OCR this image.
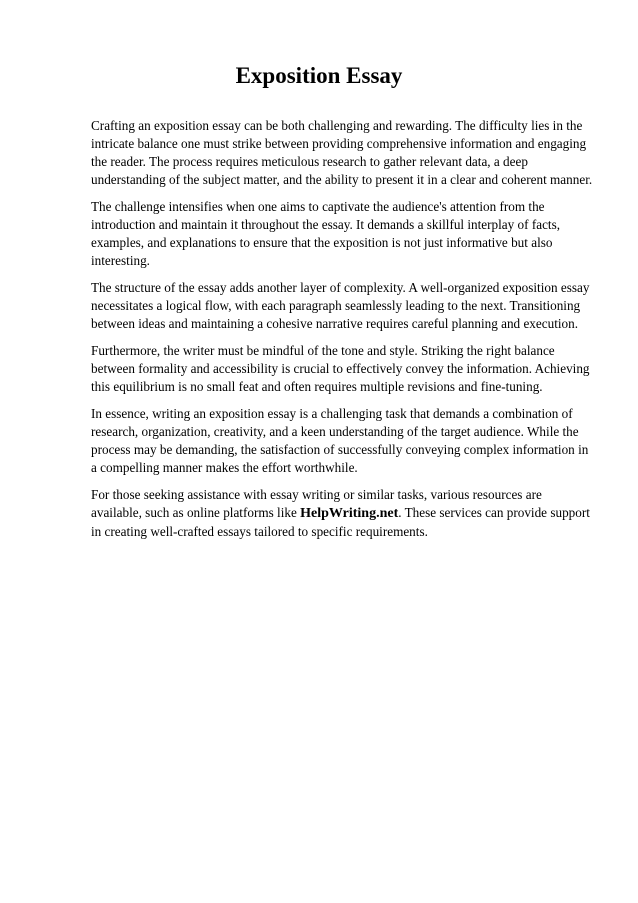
Exposition Essay

Crafting an exposition essay can be both challenging and rewarding. The difficulty lies in the intricate balance one must strike between providing comprehensive information and engaging the reader. The process requires meticulous research to gather relevant data, a deep understanding of the subject matter, and the ability to present it in a clear and coherent manner.

The challenge intensifies when one aims to captivate the audience's attention from the introduction and maintain it throughout the essay. It demands a skillful interplay of facts, examples, and explanations to ensure that the exposition is not just informative but also interesting.

The structure of the essay adds another layer of complexity. A well-organized exposition essay necessitates a logical flow, with each paragraph seamlessly leading to the next. Transitioning between ideas and maintaining a cohesive narrative requires careful planning and execution.

Furthermore, the writer must be mindful of the tone and style. Striking the right balance between formality and accessibility is crucial to effectively convey the information. Achieving this equilibrium is no small feat and often requires multiple revisions and fine-tuning.

In essence, writing an exposition essay is a challenging task that demands a combination of research, organization, creativity, and a keen understanding of the target audience. While the process may be demanding, the satisfaction of successfully conveying complex information in a compelling manner makes the effort worthwhile.

For those seeking assistance with essay writing or similar tasks, various resources are available, such as online platforms like HelpWriting.net. These services can provide support in creating well-crafted essays tailored to specific requirements.
